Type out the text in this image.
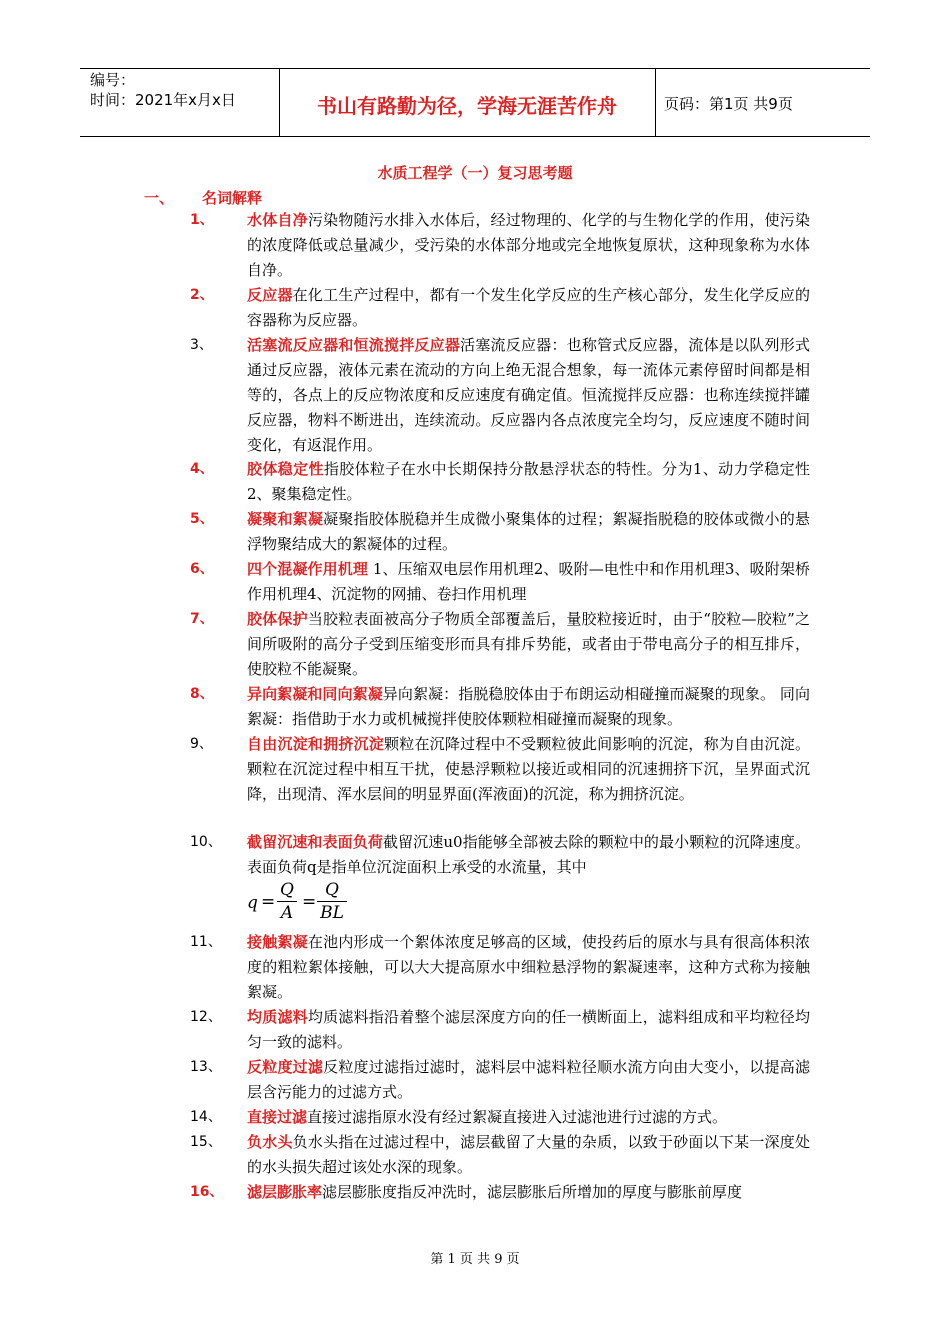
编号：
时间：2021年x月x日	书山有路勤为径，学海无涯苦作舟	页码：第1页 共9页
水质工程学（一）复习思考题
一、 名词解释
1、 水体自净污染物随污水排入水体后，经过物理的、化学的与生物化学的作用，使污染的浓度降低或总量减少，受污染的水体部分地或完全地恢复原状，这种现象称为水体自净。
2、 反应器在化工生产过程中，都有一个发生化学反应的生产核心部分，发生化学反应的容器称为反应器。
3、 活塞流反应器和恒流搅拌反应器活塞流反应器：也称管式反应器，流体是以队列形式通过反应器，液体元素在流动的方向上绝无混合想象，每一流体元素停留时间都是相等的，各点上的反应物浓度和反应速度有确定值。恒流搅拌反应器：也称连续搅拌罐反应器，物料不断进出，连续流动。反应器内各点浓度完全均匀，反应速度不随时间变化，有返混作用。
4、 胶体稳定性指胶体粒子在水中长期保持分散悬浮状态的特性。分为1、动力学稳定性2、聚集稳定性。
5、 凝聚和絮凝凝聚指胶体脱稳并生成微小聚集体的过程；絮凝指脱稳的胶体或微小的悬浮物聚结成大的絮凝体的过程。
6、 四个混凝作用机理 1、压缩双电层作用机理2、吸附—电性中和作用机理3、吸附架桥作用机理4、沉淀物的网捕、卷扫作用机理
7、 胶体保护当胶粒表面被高分子物质全部覆盖后，量胶粒接近时，由于“胶粒—胶粒”之间所吸附的高分子受到压缩变形而具有排斥势能，或者由于带电高分子的相互排斥，使胶粒不能凝聚。
8、 异向絮凝和同向絮凝异向絮凝：指脱稳胶体由于布朗运动相碰撞而凝聚的现象。 同向絮凝：指借助于水力或机械搅拌使胶体颗粒相碰撞而凝聚的现象。
9、 自由沉淀和拥挤沉淀颗粒在沉降过程中不受颗粒彼此间影响的沉淀，称为自由沉淀。颗粒在沉淀过程中相互干扰，使悬浮颗粒以接近或相同的沉速拥挤下沉，呈界面式沉降，出现清、浑水层间的明显界面(浑液面)的沉淀，称为拥挤沉淀。
10、 截留沉速和表面负荷截留沉速u0指能够全部被去除的颗粒中的最小颗粒的沉降速度。表面负荷q是指单位沉淀面积上承受的水流量，其中
q =
Q
A
=
Q
BL
11、 接触絮凝在池内形成一个絮体浓度足够高的区域，使投药后的原水与具有很高体积浓度的粗粒絮体接触，可以大大提高原水中细粒悬浮物的絮凝速率，这种方式称为接触絮凝。
12、 均质滤料均质滤料指沿着整个滤层深度方向的任一横断面上，滤料组成和平均粒径均匀一致的滤料。
13、 反粒度过滤反粒度过滤指过滤时，滤料层中滤料粒径顺水流方向由大变小，以提高滤层含污能力的过滤方式。
14、 直接过滤直接过滤指原水没有经过絮凝直接进入过滤池进行过滤的方式。
15、 负水头负水头指在过滤过程中，滤层截留了大量的杂质，以致于砂面以下某一深度处的水头损失超过该处水深的现象。
16、 滤层膨胀率滤层膨胀度指反冲洗时，滤层膨胀后所增加的厚度与膨胀前厚度
第 1 页 共 9 页
